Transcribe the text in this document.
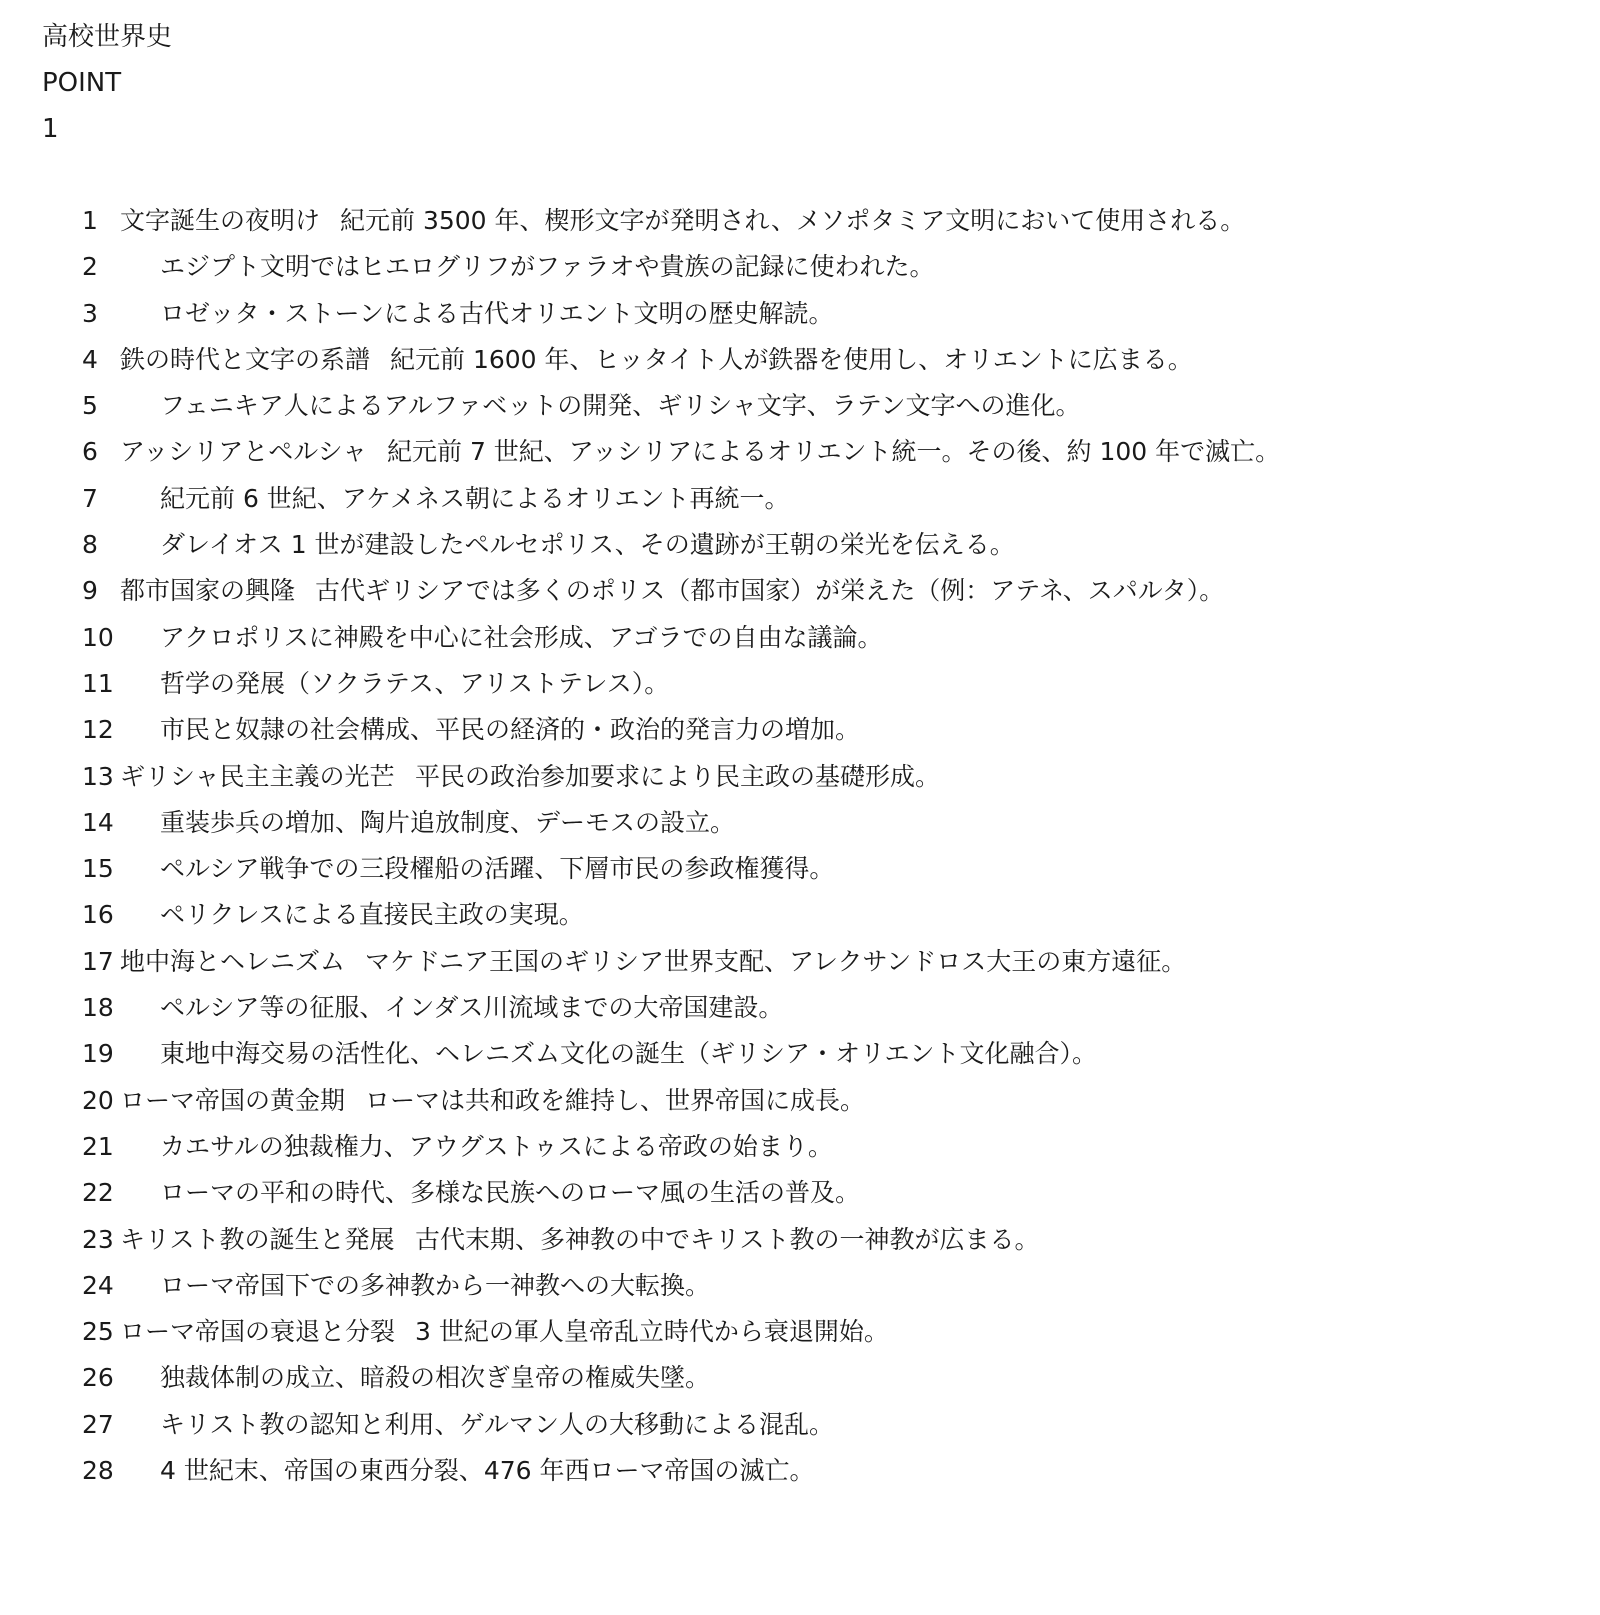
高校世界史
POINT
1
1 文字誕生の夜明け 紀元前 3500 年、楔形文字が発明され、メソポタミア文明において使用される。
2	エジプト文明ではヒエログリフがファラオや貴族の記録に使われた。
3	ロゼッタ・ストーンによる古代オリエント文明の歴史解読。
4 鉄の時代と文字の系譜 紀元前 1600 年、ヒッタイト人が鉄器を使用し、オリエントに広まる。
5	フェニキア人によるアルファベットの開発、ギリシャ文字、ラテン文字への進化。
6 アッシリアとペルシャ 紀元前 7 世紀、アッシリアによるオリエント統一。その後、約 100 年で滅亡。
7	紀元前 6 世紀、アケメネス朝によるオリエント再統一。
8	ダレイオス 1 世が建設したペルセポリス、その遺跡が王朝の栄光を伝える。
9 都市国家の興隆 古代ギリシアでは多くのポリス（都市国家）が栄えた（例：アテネ、スパルタ）。
10	アクロポリスに神殿を中心に社会形成、アゴラでの自由な議論。
11	哲学の発展（ソクラテス、アリストテレス）。
12	市民と奴隷の社会構成、平民の経済的・政治的発言力の増加。
13 ギリシャ民主主義の光芒 平民の政治参加要求により民主政の基礎形成。
14	重装歩兵の増加、陶片追放制度、デーモスの設立。
15	ペルシア戦争での三段櫂船の活躍、下層市民の参政権獲得。
16	ペリクレスによる直接民主政の実現。
17 地中海とヘレニズム マケドニア王国のギリシア世界支配、アレクサンドロス大王の東方遠征。
18	ペルシア等の征服、インダス川流域までの大帝国建設。
19	東地中海交易の活性化、ヘレニズム文化の誕生（ギリシア・オリエント文化融合）。
20 ローマ帝国の黄金期 ローマは共和政を維持し、世界帝国に成長。
21	カエサルの独裁権力、アウグストゥスによる帝政の始まり。
22	ローマの平和の時代、多様な民族へのローマ風の生活の普及。
23 キリスト教の誕生と発展 古代末期、多神教の中でキリスト教の一神教が広まる。
24	ローマ帝国下での多神教から一神教への大転換。
25 ローマ帝国の衰退と分裂 3 世紀の軍人皇帝乱立時代から衰退開始。
26	独裁体制の成立、暗殺の相次ぎ皇帝の権威失墜。
27	キリスト教の認知と利用、ゲルマン人の大移動による混乱。
28	4 世紀末、帝国の東西分裂、476 年西ローマ帝国の滅亡。
